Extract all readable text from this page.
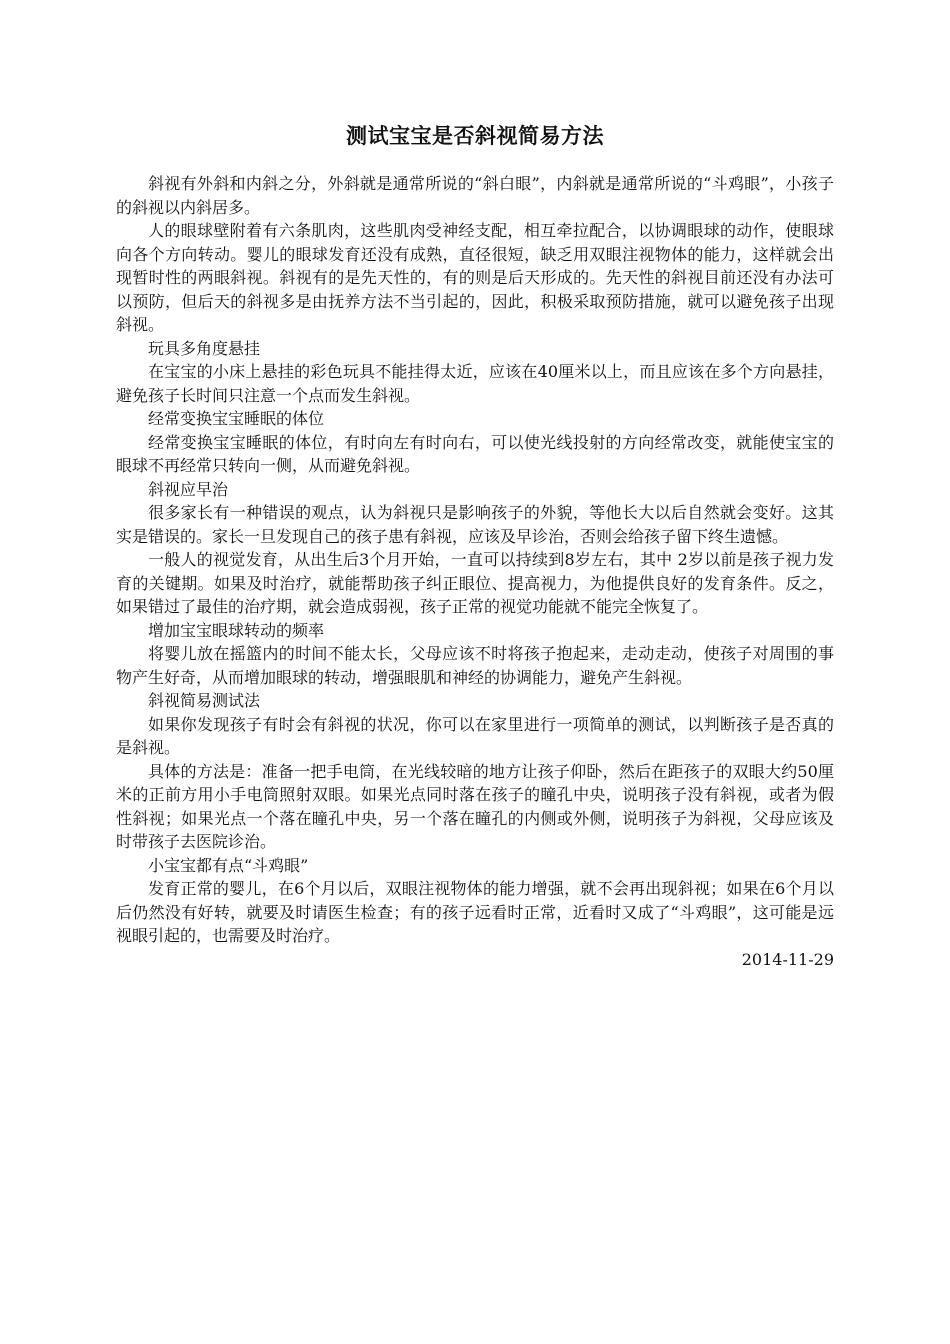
测试宝宝是否斜视简易方法

斜视有外斜和内斜之分，外斜就是通常所说的“斜白眼”，内斜就是通常所说的“斗鸡眼”，小孩子的斜视以内斜居多。

人的眼球壁附着有六条肌肉，这些肌肉受神经支配，相互牵拉配合，以协调眼球的动作，使眼球向各个方向转动。婴儿的眼球发育还没有成熟，直径很短，缺乏用双眼注视物体的能力，这样就会出现暂时性的两眼斜视。斜视有的是先天性的，有的则是后天形成的。先天性的斜视目前还没有办法可以预防，但后天的斜视多是由抚养方法不当引起的，因此，积极采取预防措施，就可以避免孩子出现斜视。

玩具多角度悬挂

在宝宝的小床上悬挂的彩色玩具不能挂得太近，应该在40厘米以上，而且应该在多个方向悬挂，避免孩子长时间只注意一个点而发生斜视。

经常变换宝宝睡眠的体位

经常变换宝宝睡眠的体位，有时向左有时向右，可以使光线投射的方向经常改变，就能使宝宝的眼球不再经常只转向一侧，从而避免斜视。

斜视应早治

很多家长有一种错误的观点，认为斜视只是影响孩子的外貌，等他长大以后自然就会变好。这其实是错误的。家长一旦发现自己的孩子患有斜视，应该及早诊治，否则会给孩子留下终生遗憾。

一般人的视觉发育，从出生后3个月开始，一直可以持续到8岁左右，其中 2岁以前是孩子视力发育的关键期。如果及时治疗，就能帮助孩子纠正眼位、提高视力，为他提供良好的发育条件。反之，如果错过了最佳的治疗期，就会造成弱视，孩子正常的视觉功能就不能完全恢复了。

增加宝宝眼球转动的频率

将婴儿放在摇篮内的时间不能太长，父母应该不时将孩子抱起来，走动走动，使孩子对周围的事物产生好奇，从而增加眼球的转动，增强眼肌和神经的协调能力，避免产生斜视。

斜视简易测试法

如果你发现孩子有时会有斜视的状况，你可以在家里进行一项简单的测试，以判断孩子是否真的是斜视。

具体的方法是：准备一把手电筒，在光线较暗的地方让孩子仰卧，然后在距孩子的双眼大约50厘米的正前方用小手电筒照射双眼。如果光点同时落在孩子的瞳孔中央，说明孩子没有斜视，或者为假性斜视；如果光点一个落在瞳孔中央，另一个落在瞳孔的内侧或外侧，说明孩子为斜视，父母应该及时带孩子去医院诊治。

小宝宝都有点“斗鸡眼”

发育正常的婴儿，在6个月以后，双眼注视物体的能力增强，就不会再出现斜视；如果在6个月以后仍然没有好转，就要及时请医生检查；有的孩子远看时正常，近看时又成了“斗鸡眼”，这可能是远视眼引起的，也需要及时治疗。

2014-11-29
